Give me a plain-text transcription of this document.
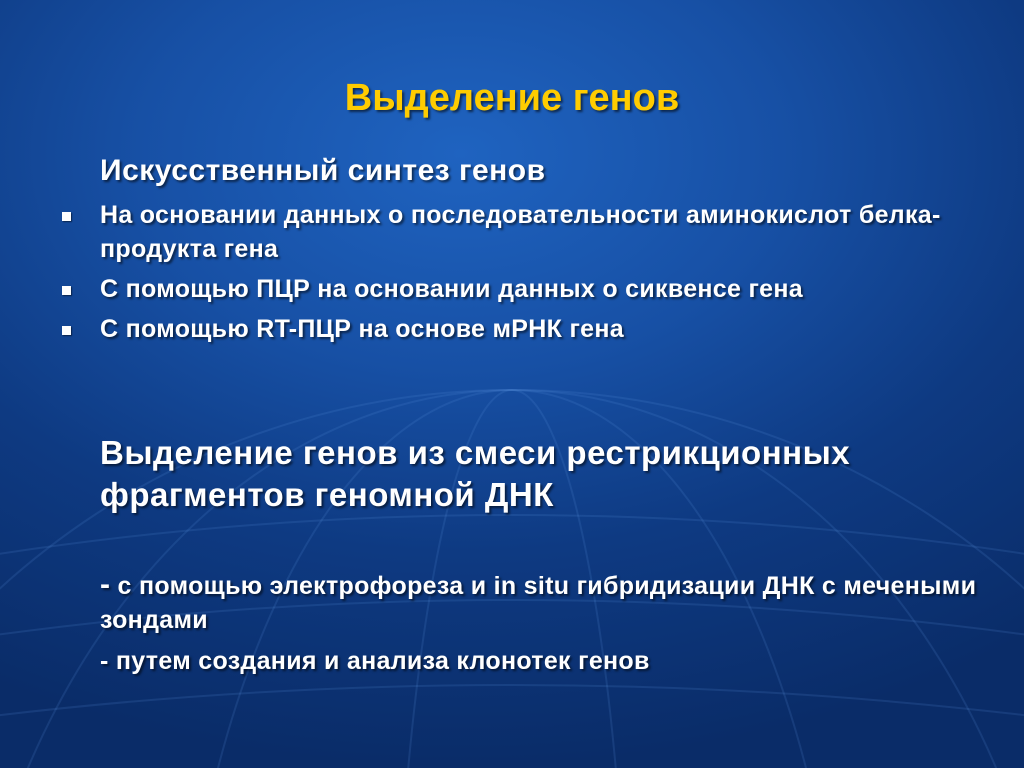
Выделение генов

Искусственный синтез генов

На основании данных о последовательности аминокислот белка-продукта гена
С помощью ПЦР на основании данных о сиквенсе гена
С помощью RT-ПЦР на основе мРНК гена

Выделение генов из смеси рестрикционных фрагментов геномной ДНК

- с помощью электрофореза и in situ гибридизации ДНК с мечеными зондами

- путем создания и анализа клонотек генов
